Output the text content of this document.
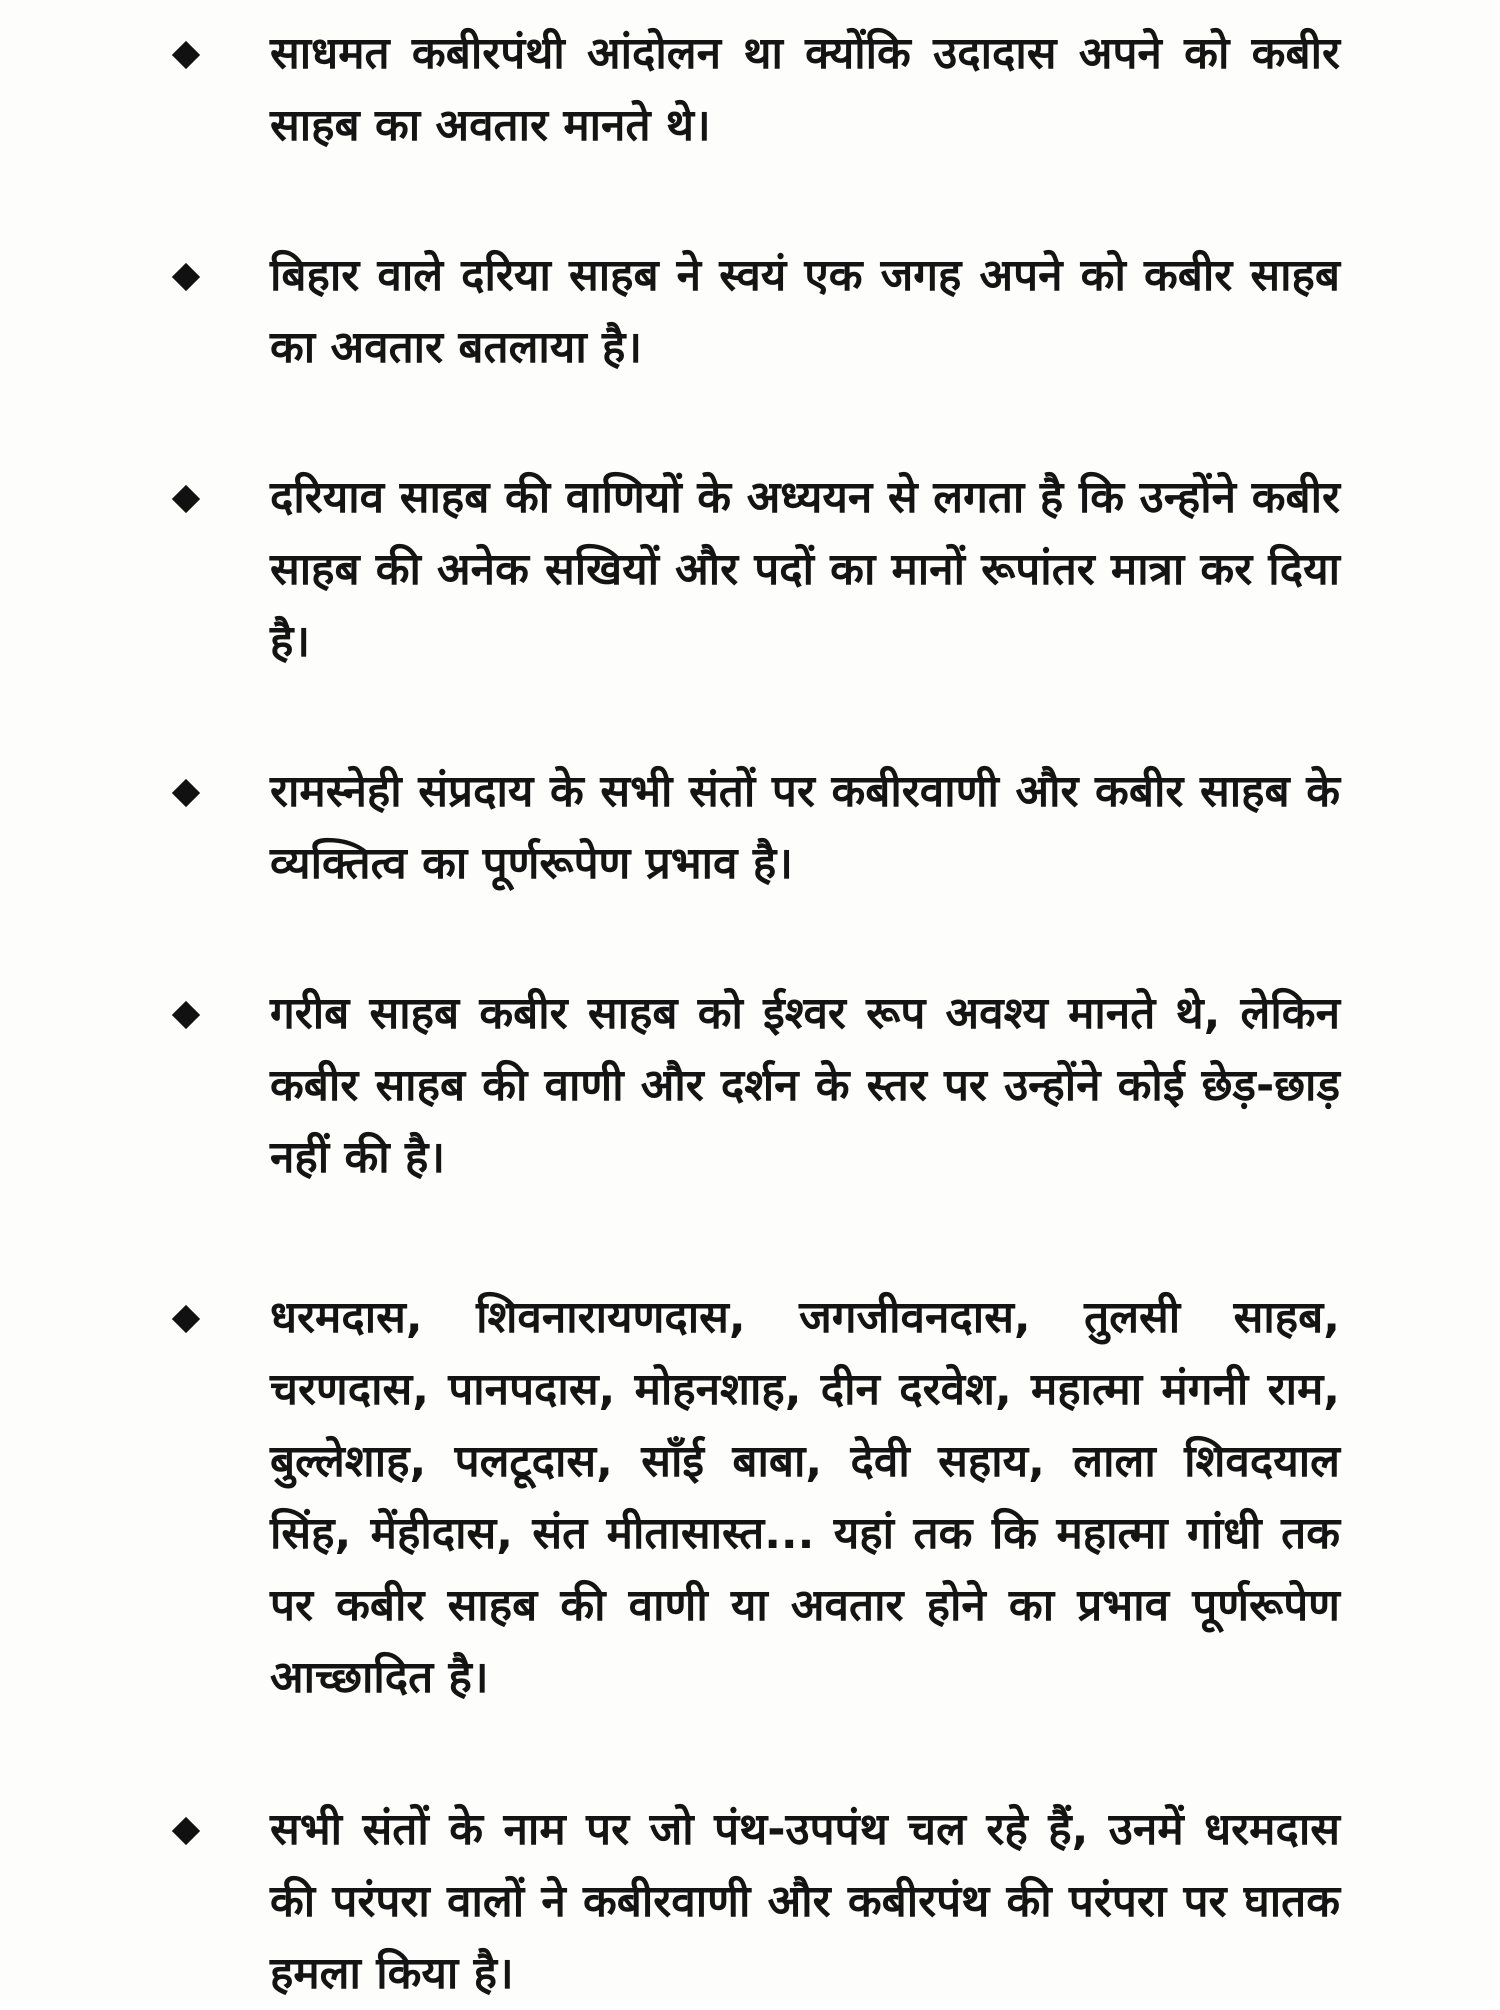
साधमत कबीरपंथी आंदोलन था क्योंकि उदादास अपने को कबीर साहब का अवतार मानते थे।
बिहार वाले दरिया साहब ने स्वयं एक जगह अपने को कबीर साहब का अवतार बतलाया है।
दरियाव साहब की वाणियों के अध्ययन से लगता है कि उन्होंने कबीर साहब की अनेक सखियों और पदों का मानों रूपांतर मात्रा कर दिया है।
रामस्नेही संप्रदाय के सभी संतों पर कबीरवाणी और कबीर साहब के व्यक्तित्व का पूर्णरूपेण प्रभाव है।
गरीब साहब कबीर साहब को ईश्वर रूप अवश्य मानते थे, लेकिन कबीर साहब की वाणी और दर्शन के स्तर पर उन्होंने कोई छेड़-छाड़ नहीं की है।
धरमदास, शिवनारायणदास, जगजीवनदास, तुलसी साहब, चरणदास, पानपदास, मोहनशाह, दीन दरवेश, महात्मा मंगनी राम, बुल्लेशाह, पलटूदास, साँई बाबा, देवी सहाय, लाला शिवदयाल सिंह, मेंहीदास, संत मीतासास्त... यहां तक कि महात्मा गांधी तक पर कबीर साहब की वाणी या अवतार होने का प्रभाव पूर्णरूपेण आच्छादित है।
सभी संतों के नाम पर जो पंथ-उपपंथ चल रहे हैं, उनमें धरमदास की परंपरा वालों ने कबीरवाणी और कबीरपंथ की परंपरा पर घातक हमला किया है।
